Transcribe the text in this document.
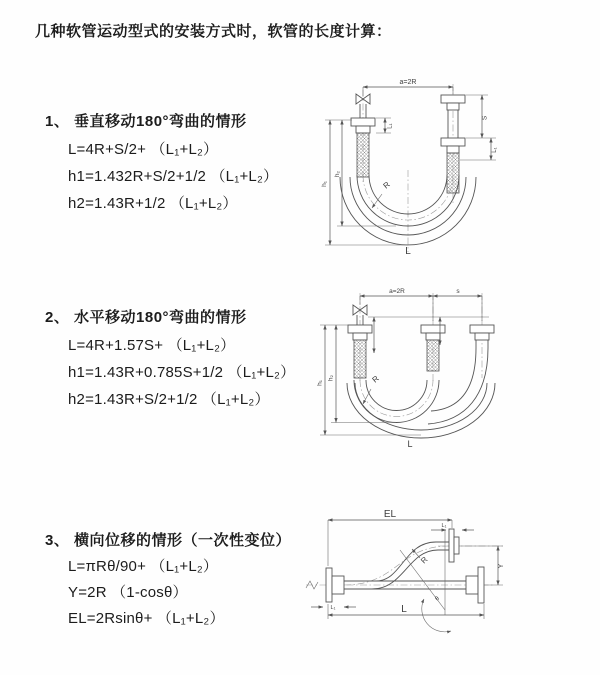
几种软管运动型式的安装方式时，软管的长度计算：
1、 垂直移动180°弯曲的情形
L=4R+S/2+ （L₁+L₂）
h1=1.432R+S/2+1/2 （L₁+L₂）
h2=1.43R+1/2 （L₁+L₂）
2、 水平移动180°弯曲的情形
L=4R+1.57S+ （L₁+L₂）
h1=1.43R+0.785S+1/2 （L₁+L₂）
h2=1.43R+S/2+1/2 （L₁+L₂）
3、 横向位移的情形（一次性变位）
L=πRθ/90+ （L₁+L₂）
Y=2R （1-cosθ）
EL=2Rsinθ+ （L₁+L₂）
a=2R
R
L
h₁
h₂
L₁
S
L₁
a=2R	s
R
L
h₁
h₂
EL
L₁
θ
R
Y
L
L₁
